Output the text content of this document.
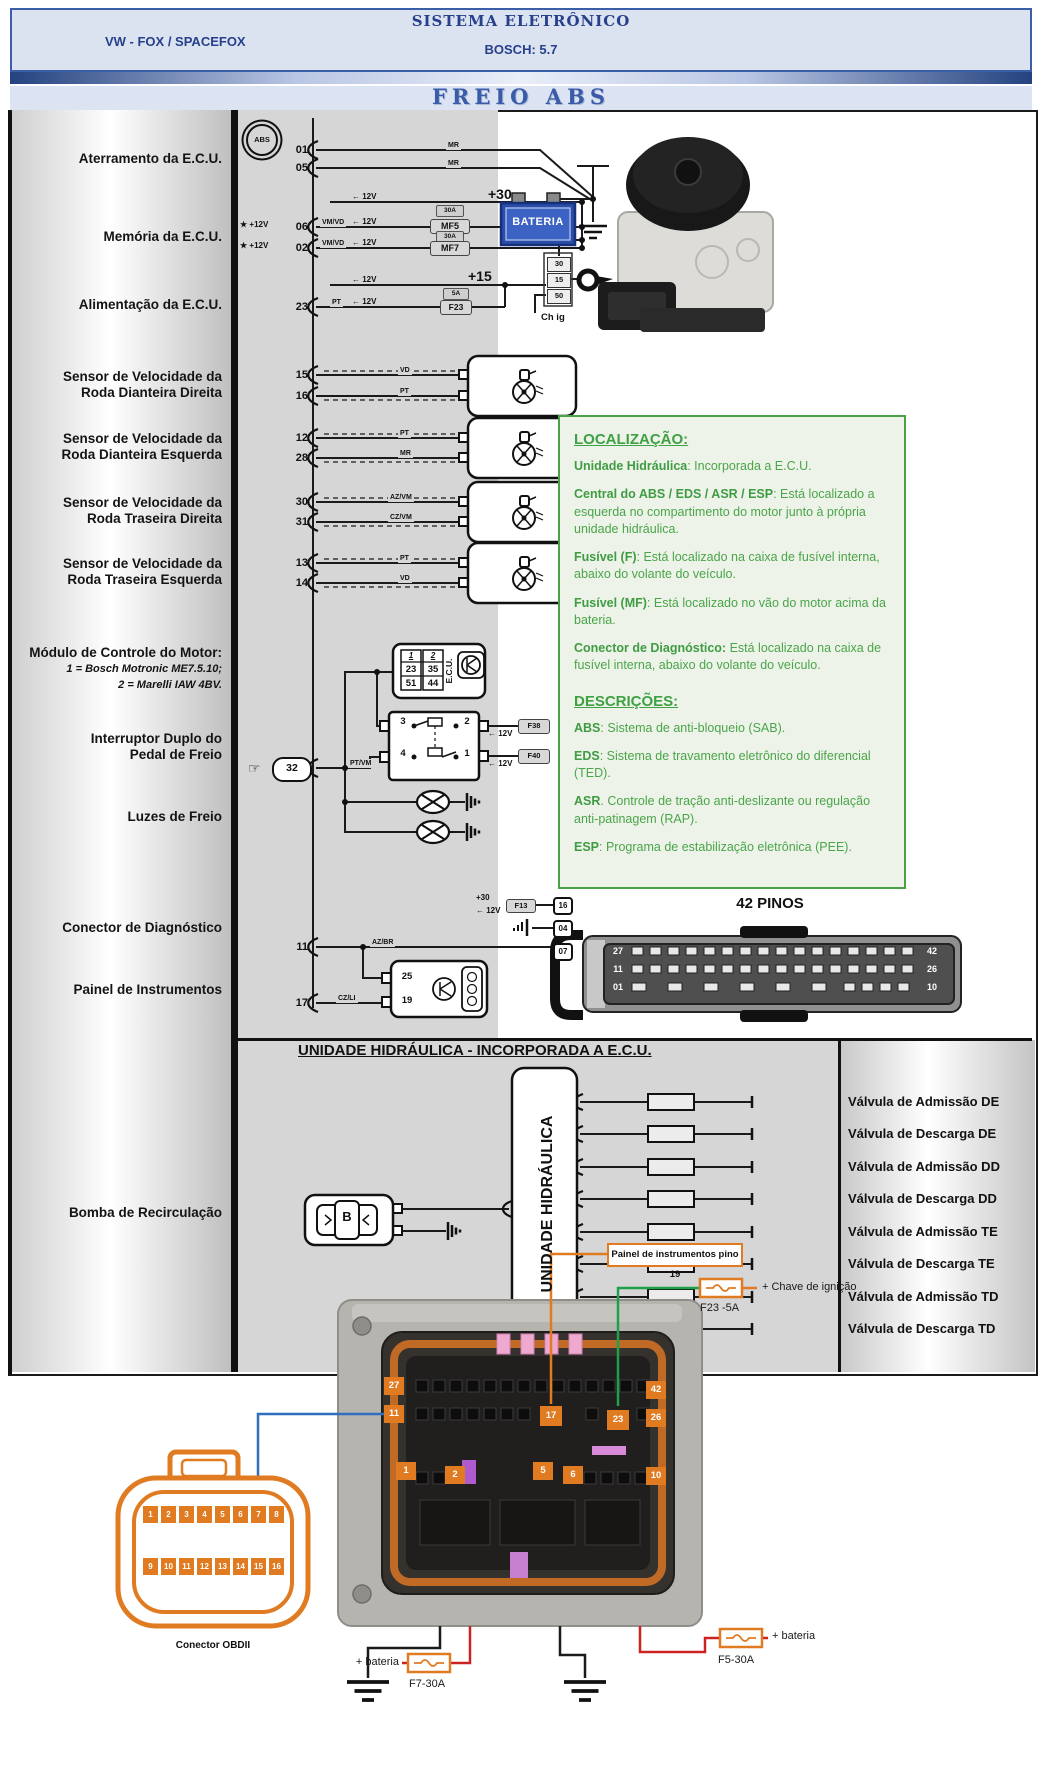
SISTEMA ELETRÔNICO
VW - FOX / SPACEFOX
BOSCH: 5.7
FREIO ABS
UNIDADE HIDRÁULICA
E.C.U.
Aterramento da E.C.U.
Memória da E.C.U.
Alimentação da E.C.U.
Sensor de Velocidade da
Roda Dianteira Direita
Sensor de Velocidade da
Roda Dianteira Esquerda
Sensor de Velocidade da
Roda Traseira Direita
Sensor de Velocidade da
Roda Traseira Esquerda
Módulo de Controle do Motor:
1 = Bosch Motronic ME7.5.10;
2 = Marelli IAW 4BV.
Interruptor Duplo do
Pedal de Freio
Luzes de Freio
Conector de Diagnóstico
Painel de Instrumentos
Bomba de Recirculação
ABS
01
05
06
02
23
15
16
12
28
30
31
13
14
11
17
☞	32
★ +12V
★ +12V
MR
MR
VM/VD
VM/VD
PT
VD
PT
PT
MR
AZ/VM
CZ/VM
PT
VD
PT/VM
AZ/BR
CZ/LI
← 12V
← 12V
← 12V
← 12V
← 12V
← 12V
← 12V
+30
← 12V
+30
+15
30A
MF5
30A
MF7
5A
F23
F38
F40
F13
BATERIA
30
15
50
Ch ig
1	2
23	35
51	44
3	2
4	1
16
04
07
25
19
42 PINOS
27
11
01
42
26
10
LOCALIZAÇÃO:

Unidade Hidráulica: Incorporada a E.C.U.

Central do ABS / EDS / ASR / ESP: Está localizado a esquerda no compartimento do motor junto à própria unidade hidráulica.

Fusível (F): Está localizado na caixa de fusível interna, abaixo do volante do veículo.

Fusível (MF): Está localizado no vão do motor acima da bateria.

Conector de Diagnóstico: Está localizado na caixa de fusível interna, abaixo do volante do veículo.

DESCRIÇÕES:

ABS: Sistema de anti-bloqueio (SAB).

EDS: Sistema de travamento eletrônico do diferencial (TED).

ASR. Controle de tração anti-deslizante ou regulação anti-patinagem (RAP).

ESP: Programa de estabilização eletrônica (PEE).

UNIDADE HIDRÁULICA - INCORPORADA A E.C.U.
B
Válvula de Admissão DE
Válvula de Descarga DE
Válvula de Admissão DD
Válvula de Descarga DD
Válvula de Admissão TE
Válvula de Descarga TE
Válvula de Admissão TD
Válvula de Descarga TD
Painel de instrumentos pino 19
+ Chave de ignição
F23 -5A
+ bateria
F7-30A
+ bateria
F5-30A
Conector OBDII
27
11
42
26
10
17	23
1	2	5	6
1	2	3	4	5	6	7	8
9	10	11	12	13	14	15	16
